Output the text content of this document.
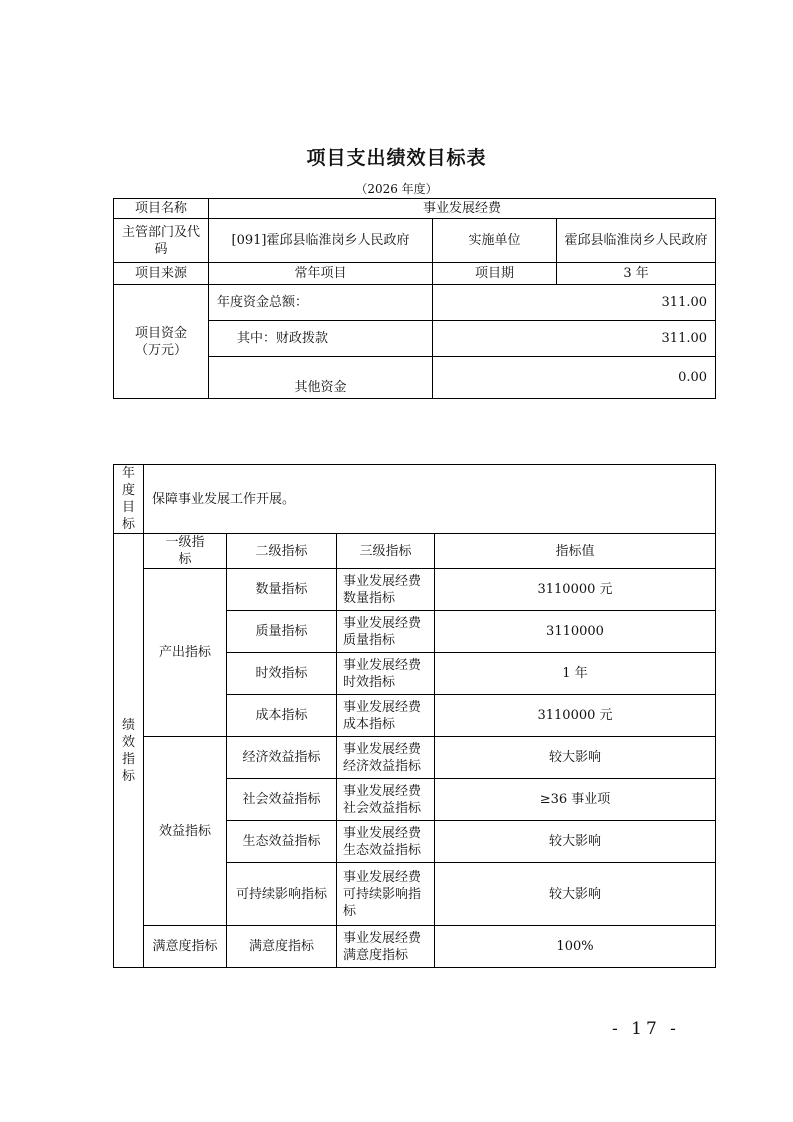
项目支出绩效目标表
（2026 年度）
项目名称	事业发展经费		
主管部门及代码	[091]霍邱县临淮岗乡人民政府	实施单位	霍邱县临淮岗乡人民政府
项目来源	常年项目	项目期	3 年
项目资金（万元）	年度资金总额：	311.00	
	其中：财政拨款	311.00	
	其他资金	0.00	
年度目标	保障事业发展工作开展。			

绩效指标	一级指标	二级指标	三级指标	指标值
	产出指标	数量指标	事业发展经费数量指标	3110000 元
		质量指标	事业发展经费质量指标	3110000
		时效指标	事业发展经费时效指标	1 年
		成本指标	事业发展经费成本指标	3110000 元
	效益指标	经济效益指标	事业发展经费经济效益指标	较大影响
		社会效益指标	事业发展经费社会效益指标	≥36 事业项
		生态效益指标	事业发展经费生态效益指标	较大影响
		可持续影响指标	事业发展经费可持续影响指标	较大影响
	满意度指标	满意度指标	事业发展经费满意度指标	100%
- 17 -
